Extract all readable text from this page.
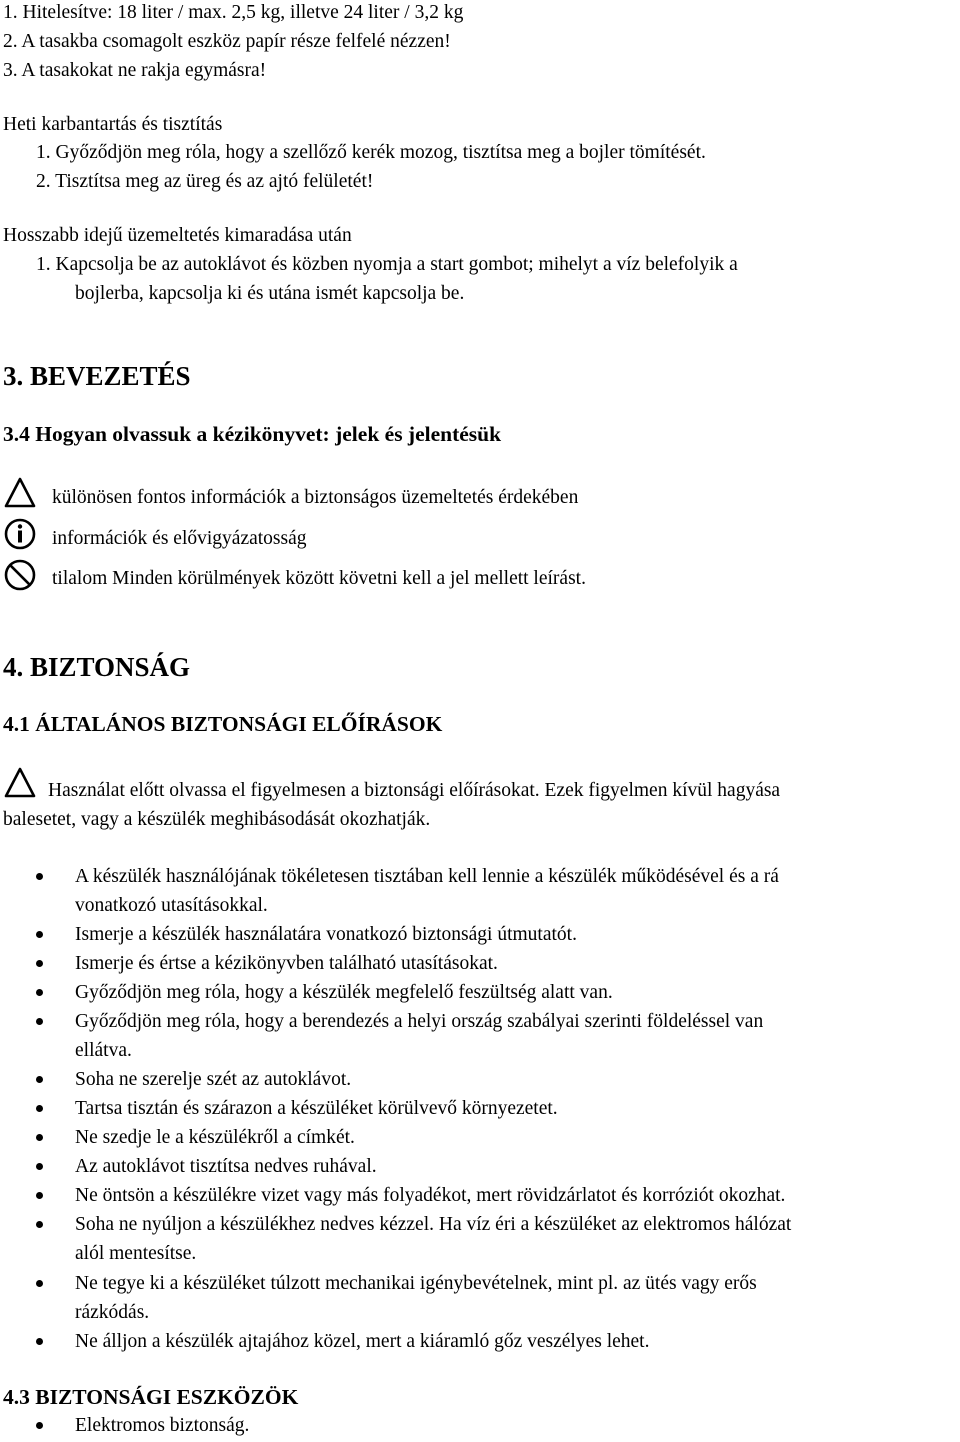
1. Hitelesítve: 18 liter / max. 2,5 kg, illetve 24 liter / 3,2 kg
2. A tasakba csomagolt eszköz papír része felfelé nézzen!
3. A tasakokat ne rakja egymásra!
Heti karbantartás és tisztítás
1. Győződjön meg róla, hogy a szellőző kerék mozog, tisztítsa meg a bojler tömítését.
2. Tisztítsa meg az üreg és az ajtó felületét!
Hosszabb idejű üzemeltetés kimaradása után
1. Kapcsolja be az autoklávot és közben nyomja a start gombot; mihelyt a víz belefolyik a
bojlerba, kapcsolja ki és utána ismét kapcsolja be.
3. BEVEZETÉS
3.4 Hogyan olvassuk a kézikönyvet: jelek és jelentésük
különösen fontos információk a biztonságos üzemeltetés érdekében
információk és elővigyázatosság
tilalom Minden körülmények között követni kell a jel mellett leírást.
4. BIZTONSÁG
4.1 ÁLTALÁNOS BIZTONSÁGI ELŐÍRÁSOK
Használat előtt olvassa el figyelmesen a biztonsági előírásokat. Ezek figyelmen kívül hagyása
balesetet, vagy a készülék meghibásodását okozhatják.
A készülék használójának tökéletesen tisztában kell lennie a készülék működésével és a rá
vonatkozó utasításokkal.
Ismerje a készülék használatára vonatkozó biztonsági útmutatót.
Ismerje és értse a kézikönyvben található utasításokat.
Győződjön meg róla, hogy a készülék megfelelő feszültség alatt van.
Győződjön meg róla, hogy a berendezés a helyi ország szabályai szerinti földeléssel van
ellátva.
Soha ne szerelje szét az autoklávot.
Tartsa tisztán és szárazon a készüléket körülvevő környezetet.
Ne szedje le a készülékről a címkét.
Az autoklávot tisztítsa nedves ruhával.
Ne öntsön a készülékre vizet vagy más folyadékot, mert rövidzárlatot és korróziót okozhat.
Soha ne nyúljon a készülékhez nedves kézzel. Ha víz éri a készüléket az elektromos hálózat
alól mentesítse.
Ne tegye ki a készüléket túlzott mechanikai igénybevételnek, mint pl. az ütés vagy erős
rázkódás.
Ne álljon a készülék ajtajához közel, mert a kiáramló gőz veszélyes lehet.
4.3 BIZTONSÁGI ESZKÖZÖK
Elektromos biztonság.
